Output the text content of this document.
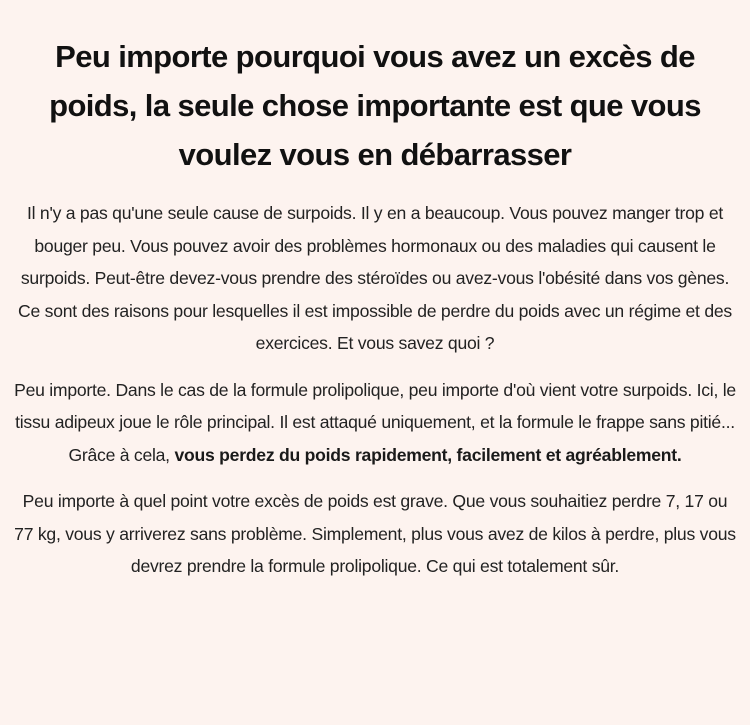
Peu importe pourquoi vous avez un excès de poids, la seule chose importante est que vous voulez vous en débarrasser

Il n'y a pas qu'une seule cause de surpoids. Il y en a beaucoup. Vous pouvez manger trop et bouger peu. Vous pouvez avoir des problèmes hormonaux ou des maladies qui causent le surpoids. Peut-être devez-vous prendre des stéroïdes ou avez-vous l'obésité dans vos gènes. Ce sont des raisons pour lesquelles il est impossible de perdre du poids avec un régime et des exercices. Et vous savez quoi ?

Peu importe. Dans le cas de la formule prolipolique, peu importe d'où vient votre surpoids. Ici, le tissu adipeux joue le rôle principal. Il est attaqué uniquement, et la formule le frappe sans pitié... Grâce à cela, vous perdez du poids rapidement, facilement et agréablement.

Peu importe à quel point votre excès de poids est grave. Que vous souhaitiez perdre 7, 17 ou 77 kg, vous y arriverez sans problème. Simplement, plus vous avez de kilos à perdre, plus vous devrez prendre la formule prolipolique. Ce qui est totalement sûr.
